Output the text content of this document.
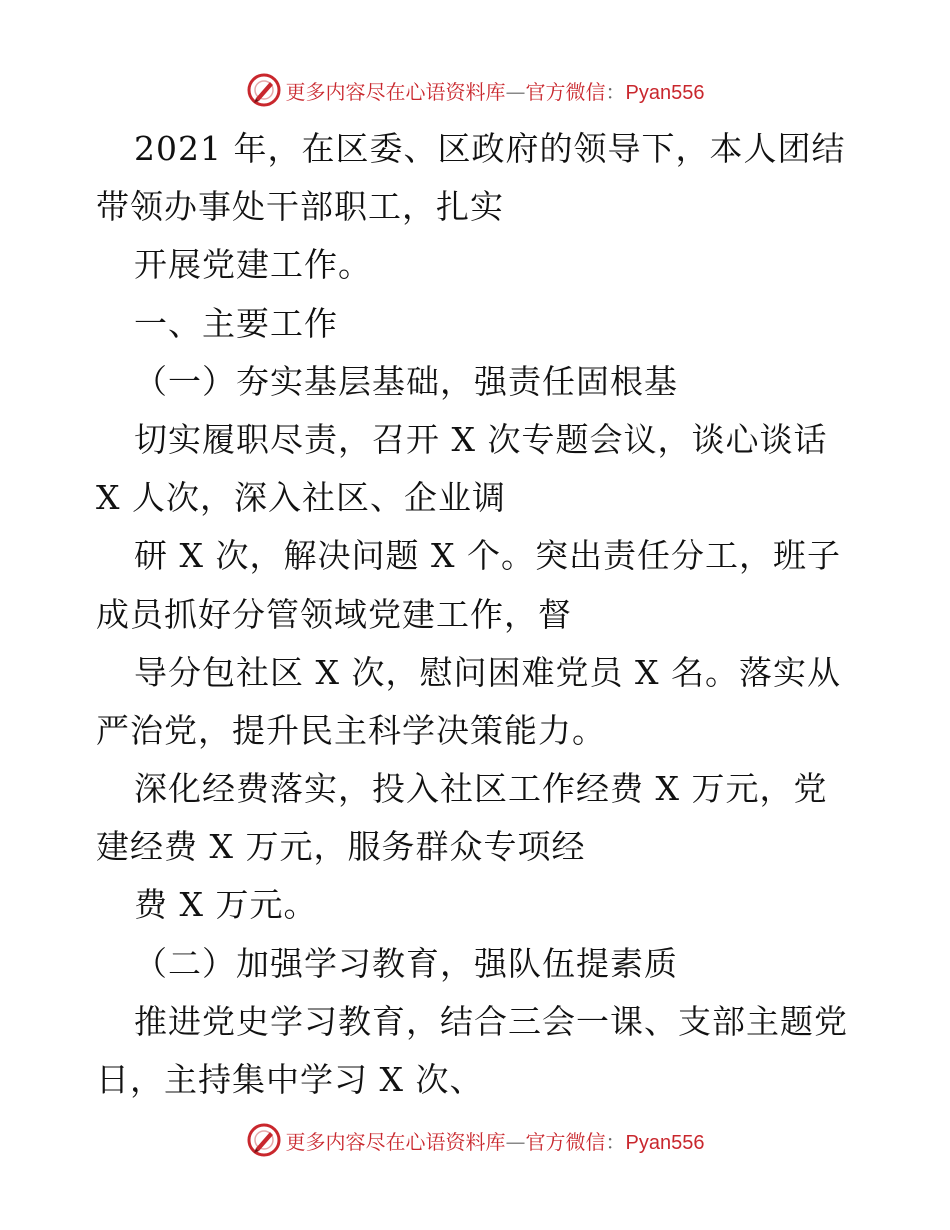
更多内容尽在心语资料库—官方微信：Pyan556
2021 年，在区委、区政府的领导下，本人团结
带领办事处干部职工，扎实
开展党建工作。
一、主要工作
（一）夯实基层基础，强责任固根基
切实履职尽责，召开 X 次专题会议，谈心谈话
X 人次，深入社区、企业调
研 X 次，解决问题 X 个。突出责任分工，班子
成员抓好分管领域党建工作，督
导分包社区 X 次，慰问困难党员 X 名。落实从
严治党，提升民主科学决策能力。
深化经费落实，投入社区工作经费 X 万元，党
建经费 X 万元，服务群众专项经
费 X 万元。
（二）加强学习教育，强队伍提素质
推进党史学习教育，结合三会一课、支部主题党
日，主持集中学习 X 次、
更多内容尽在心语资料库—官方微信：Pyan556
